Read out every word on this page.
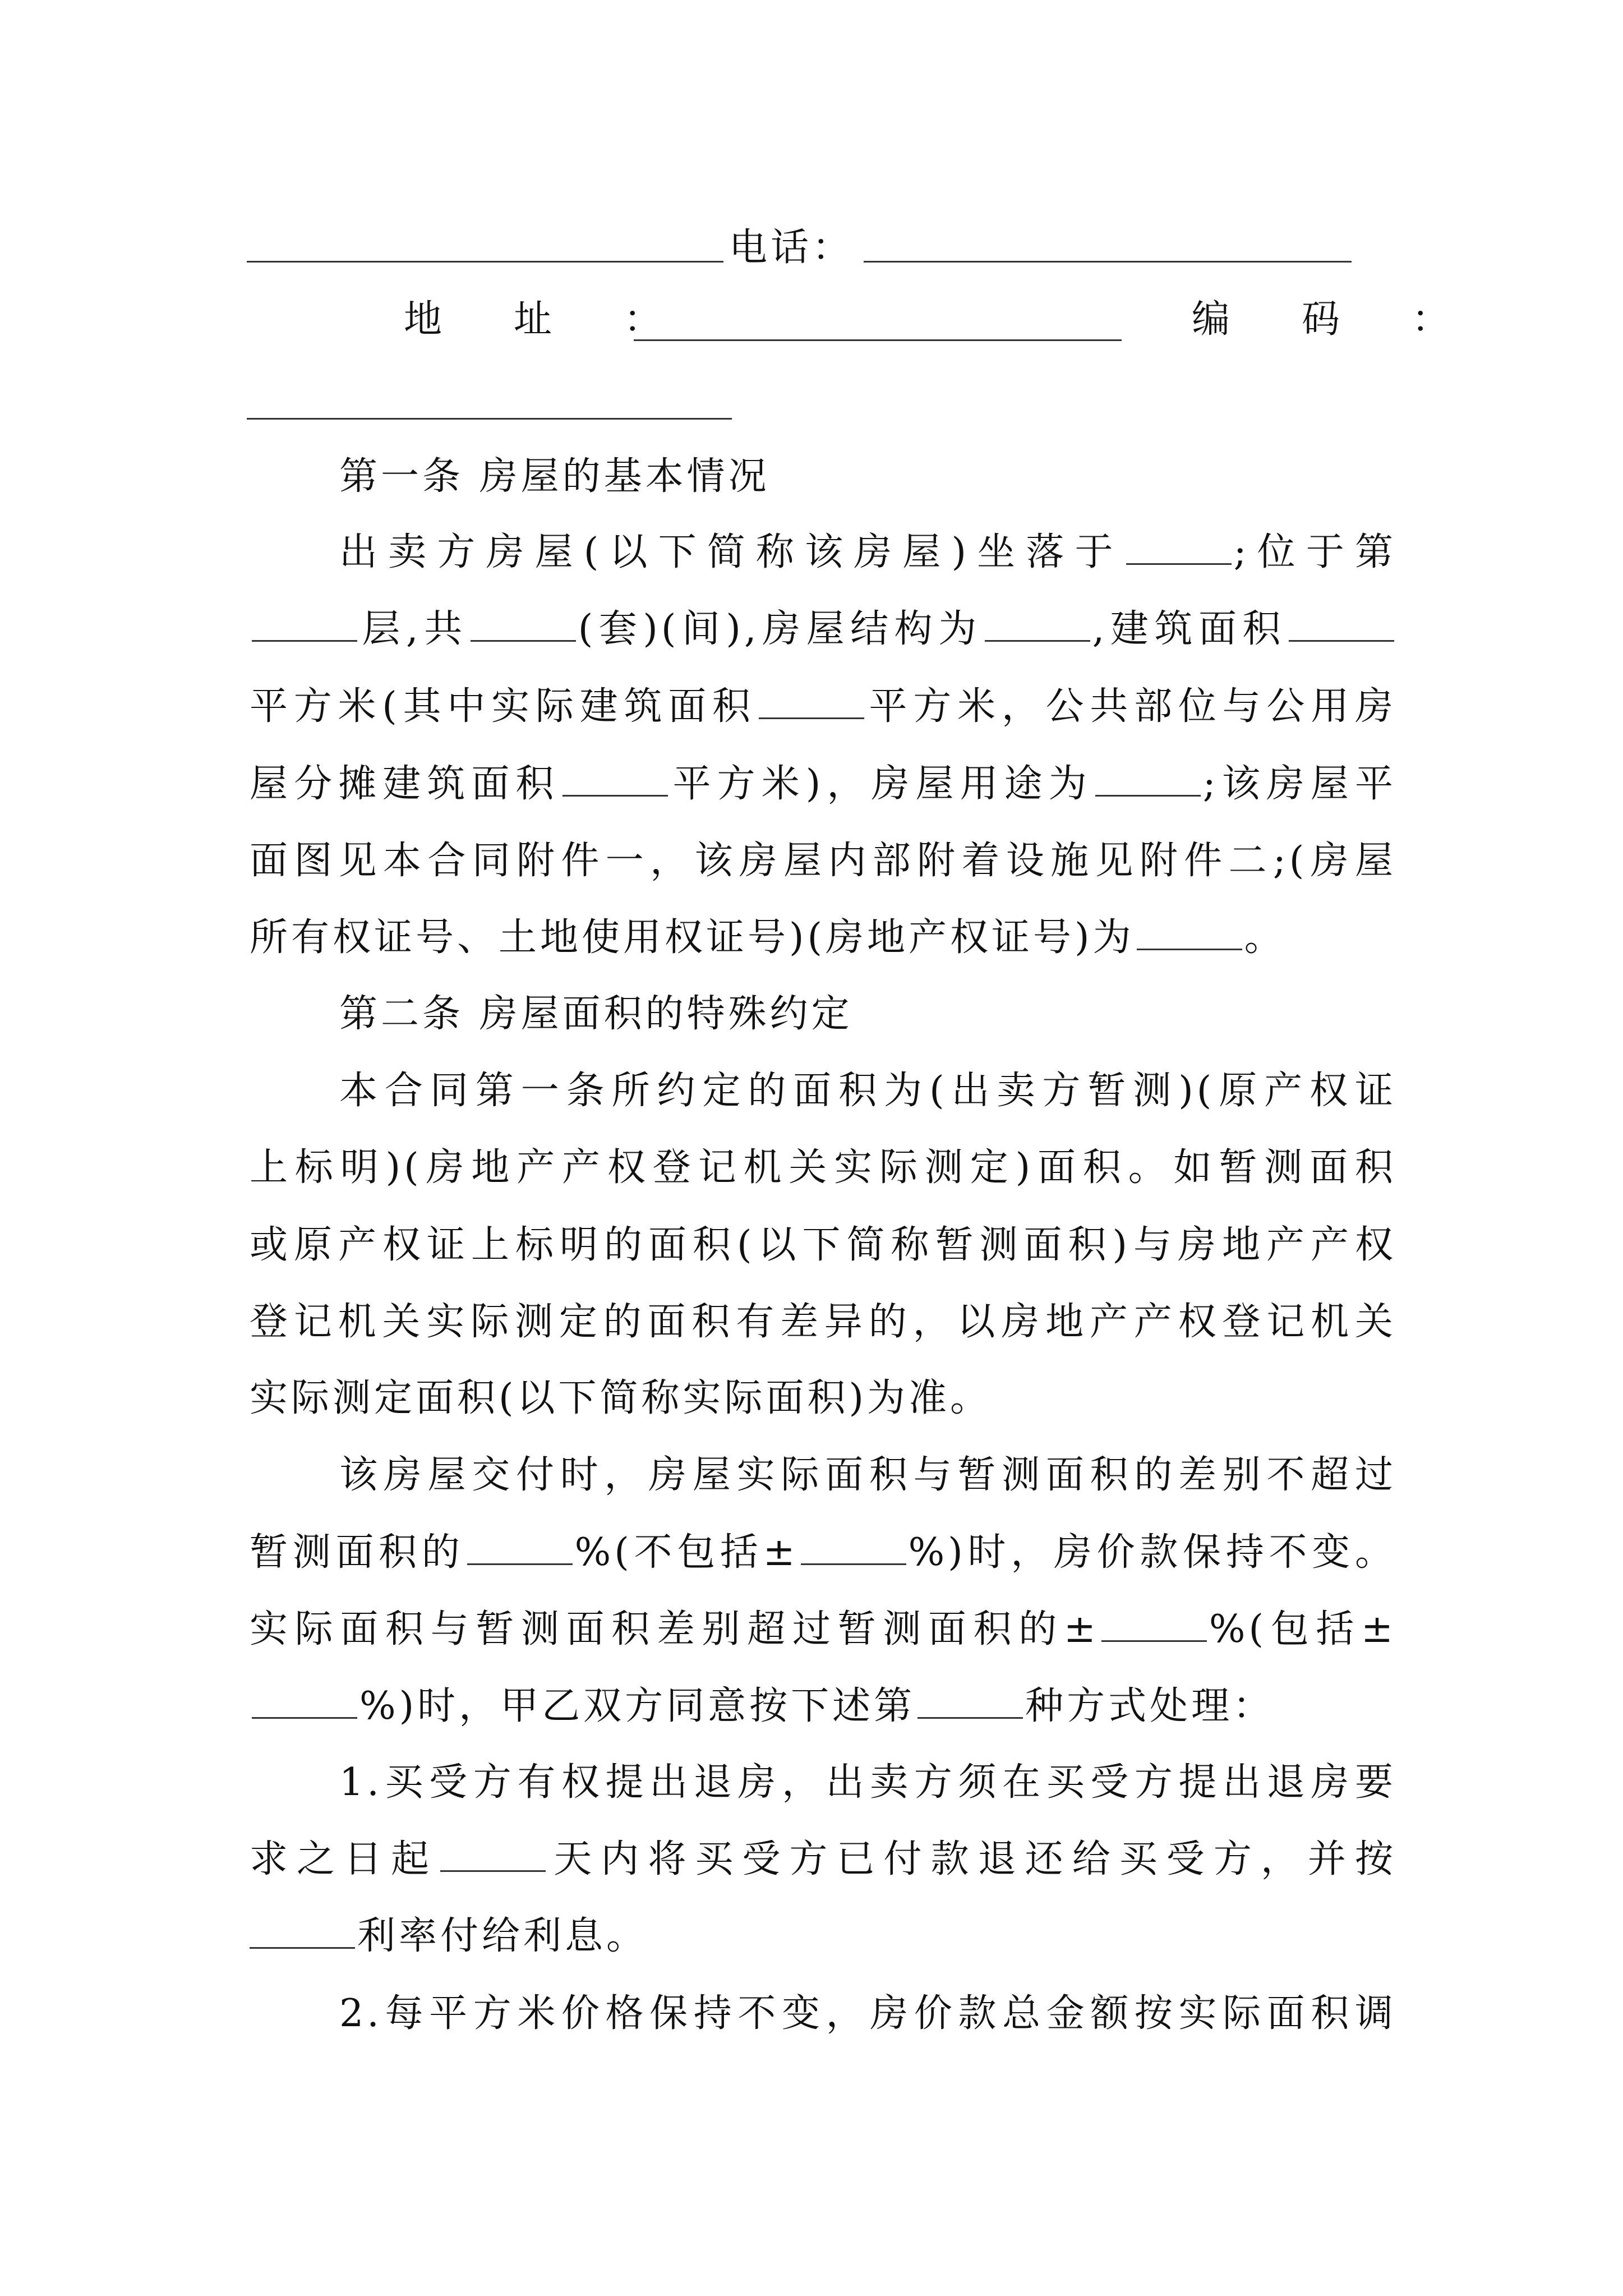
电话：
地　址　：	编　码　：
第一条 房屋的基本情况
出卖方房屋(以下简称该房屋)坐落于	;位于第
层,共	(套)(间),房屋结构为	,建筑面积
平方米(其中实际建筑面积	平方米，公共部位与公用房
屋分摊建筑面积	平方米)，房屋用途为	;该房屋平
面图见本合同附件一，该房屋内部附着设施见附件二;(房屋
所有权证号、土地使用权证号)(房地产权证号)为	。
第二条 房屋面积的特殊约定
本合同第一条所约定的面积为(出卖方暂测)(原产权证
上标明)(房地产产权登记机关实际测定)面积。如暂测面积
或原产权证上标明的面积(以下简称暂测面积)与房地产产权
登记机关实际测定的面积有差异的，以房地产产权登记机关
实际测定面积(以下简称实际面积)为准。
该房屋交付时，房屋实际面积与暂测面积的差别不超过
暂测面积的	%(不包括±	%)时，房价款保持不变。
实际面积与暂测面积差别超过暂测面积的±	%(包括±
%)时，甲乙双方同意按下述第	种方式处理：
1.买受方有权提出退房，出卖方须在买受方提出退房要
求之日起	天内将买受方已付款退还给买受方，并按
利率付给利息。
2.每平方米价格保持不变，房价款总金额按实际面积调
